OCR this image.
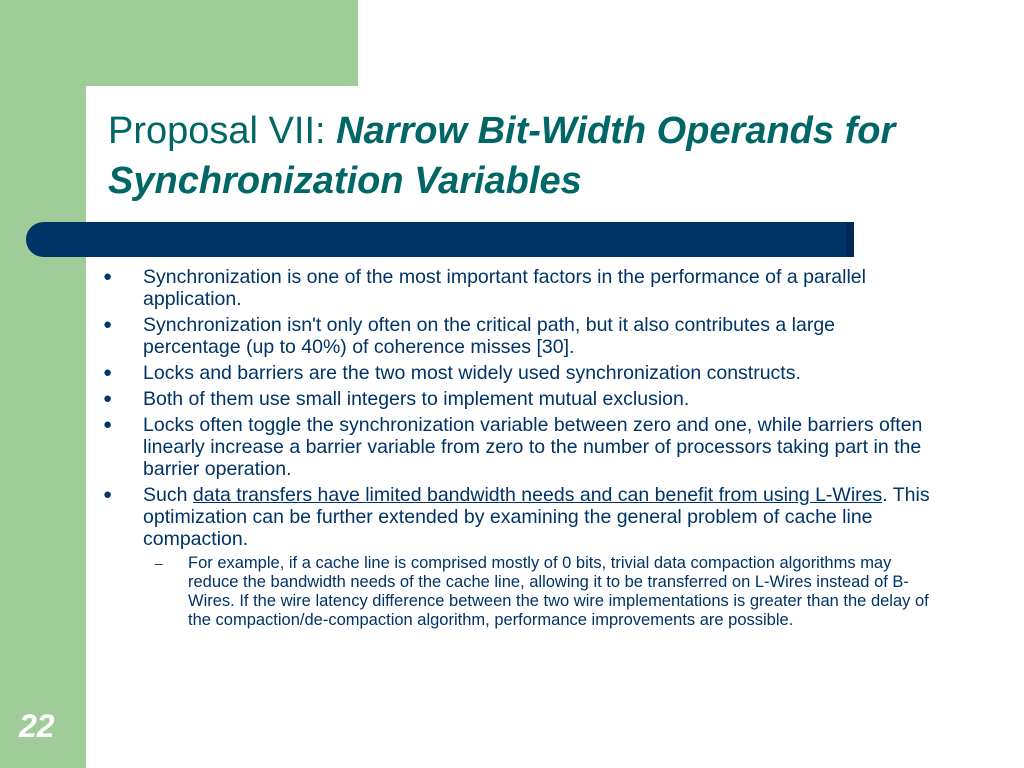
Proposal VII: Narrow Bit-Width Operands for Synchronization Variables
● Synchronization is one of the most important factors in the performance of a parallel application.
● Synchronization isn't only often on the critical path, but it also contributes a large percentage (up to 40%) of coherence misses [30].
● Locks and barriers are the two most widely used synchronization constructs.
● Both of them use small integers to implement mutual exclusion.
● Locks often toggle the synchronization variable between zero and one, while barriers often linearly increase a barrier variable from zero to the number of processors taking part in the barrier operation.
● Such data transfers have limited bandwidth needs and can benefit from using L-Wires. This optimization can be further extended by examining the general problem of cache line compaction.
– For example, if a cache line is comprised mostly of 0 bits, trivial data compaction algorithms may reduce the bandwidth needs of the cache line, allowing it to be transferred on L-Wires instead of B-Wires. If the wire latency difference between the two wire implementations is greater than the delay of the compaction/de-compaction algorithm, performance improvements are possible.
22
